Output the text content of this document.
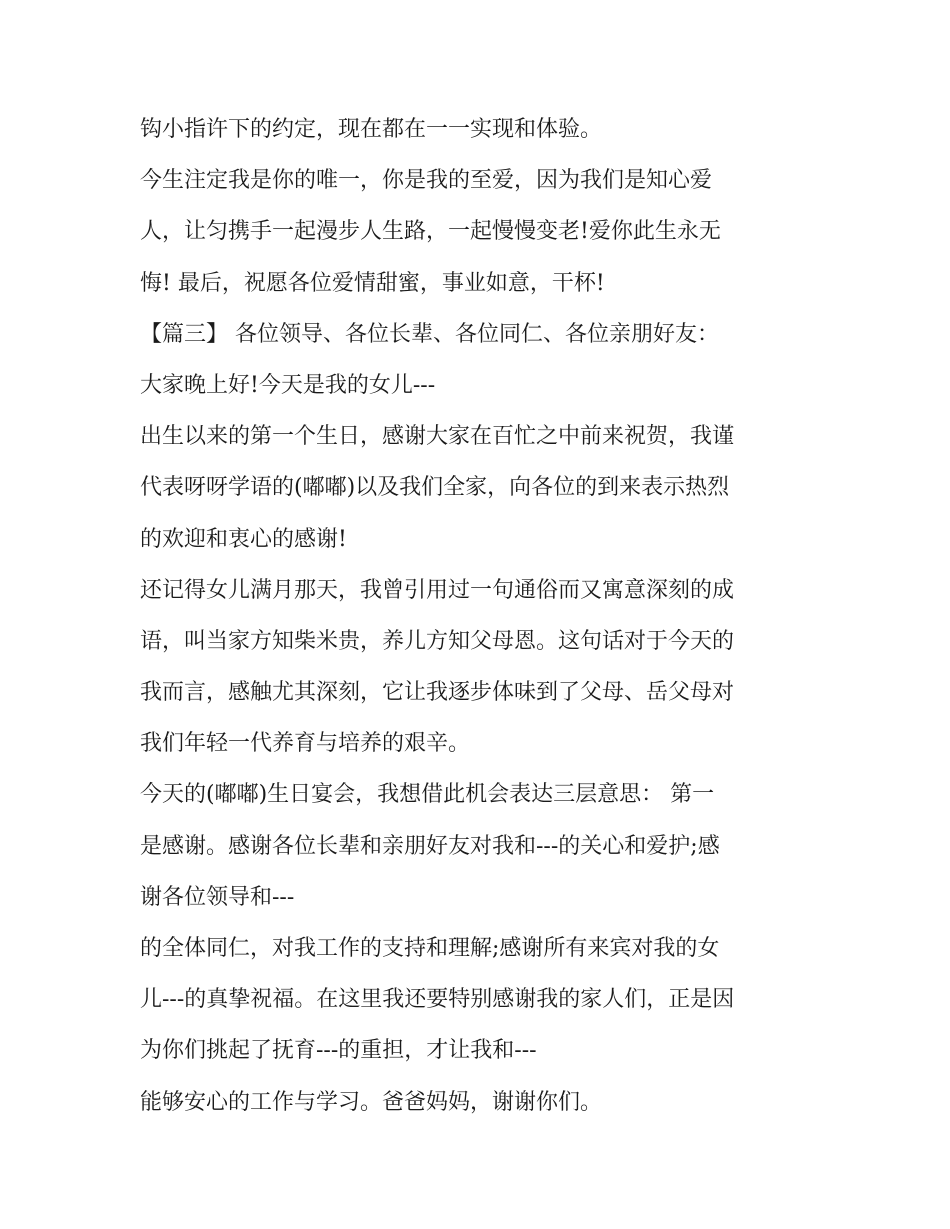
钩小指许下的约定，现在都在一一实现和体验。
今生注定我是你的唯一，你是我的至爱，因为我们是知心爱
人，让匀携手一起漫步人生路，一起慢慢变老!爱你此生永无
悔! 最后，祝愿各位爱情甜蜜，事业如意，干杯!
【篇三】 各位领导、各位长辈、各位同仁、各位亲朋好友：
大家晚上好!今天是我的女儿---
出生以来的第一个生日，感谢大家在百忙之中前来祝贺，我谨
代表呀呀学语的(嘟嘟)以及我们全家，向各位的到来表示热烈
的欢迎和衷心的感谢!
还记得女儿满月那天，我曾引用过一句通俗而又寓意深刻的成
语，叫当家方知柴米贵，养儿方知父母恩。这句话对于今天的
我而言，感触尤其深刻，它让我逐步体味到了父母、岳父母对
我们年轻一代养育与培养的艰辛。
今天的(嘟嘟)生日宴会，我想借此机会表达三层意思： 第一
是感谢。感谢各位长辈和亲朋好友对我和---的关心和爱护;感
谢各位领导和---
的全体同仁，对我工作的支持和理解;感谢所有来宾对我的女
儿---的真挚祝福。在这里我还要特别感谢我的家人们，正是因
为你们挑起了抚育---的重担，才让我和---
能够安心的工作与学习。爸爸妈妈，谢谢你们。
